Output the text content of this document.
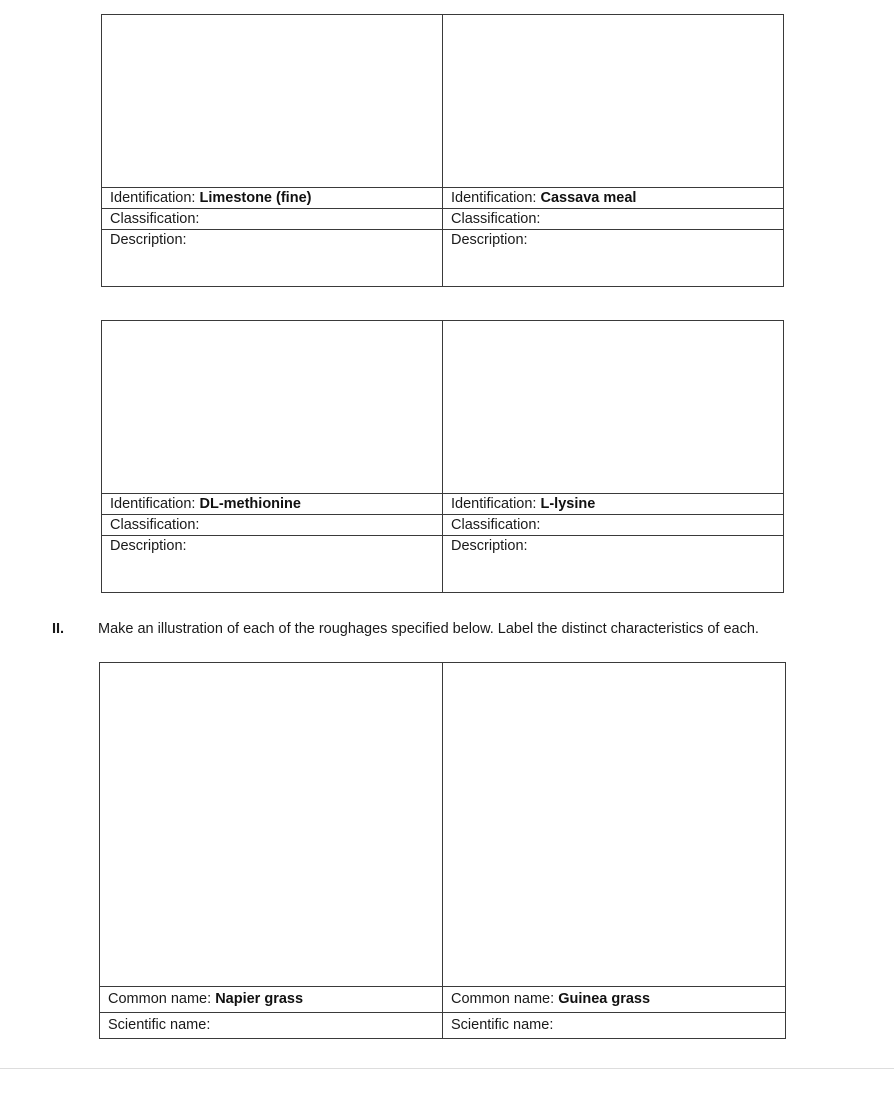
Identification: Limestone (fine)	Identification: Cassava meal
Classification:	Classification:
Description:	Description:

Identification: DL-methionine	Identification: L-lysine
Classification:	Classification:
Description:	Description:
II. Make an illustration of each of the roughages specified below. Label the distinct characteristics of each.

Common name: Napier grass	Common name: Guinea grass
Scientific name:	Scientific name:
